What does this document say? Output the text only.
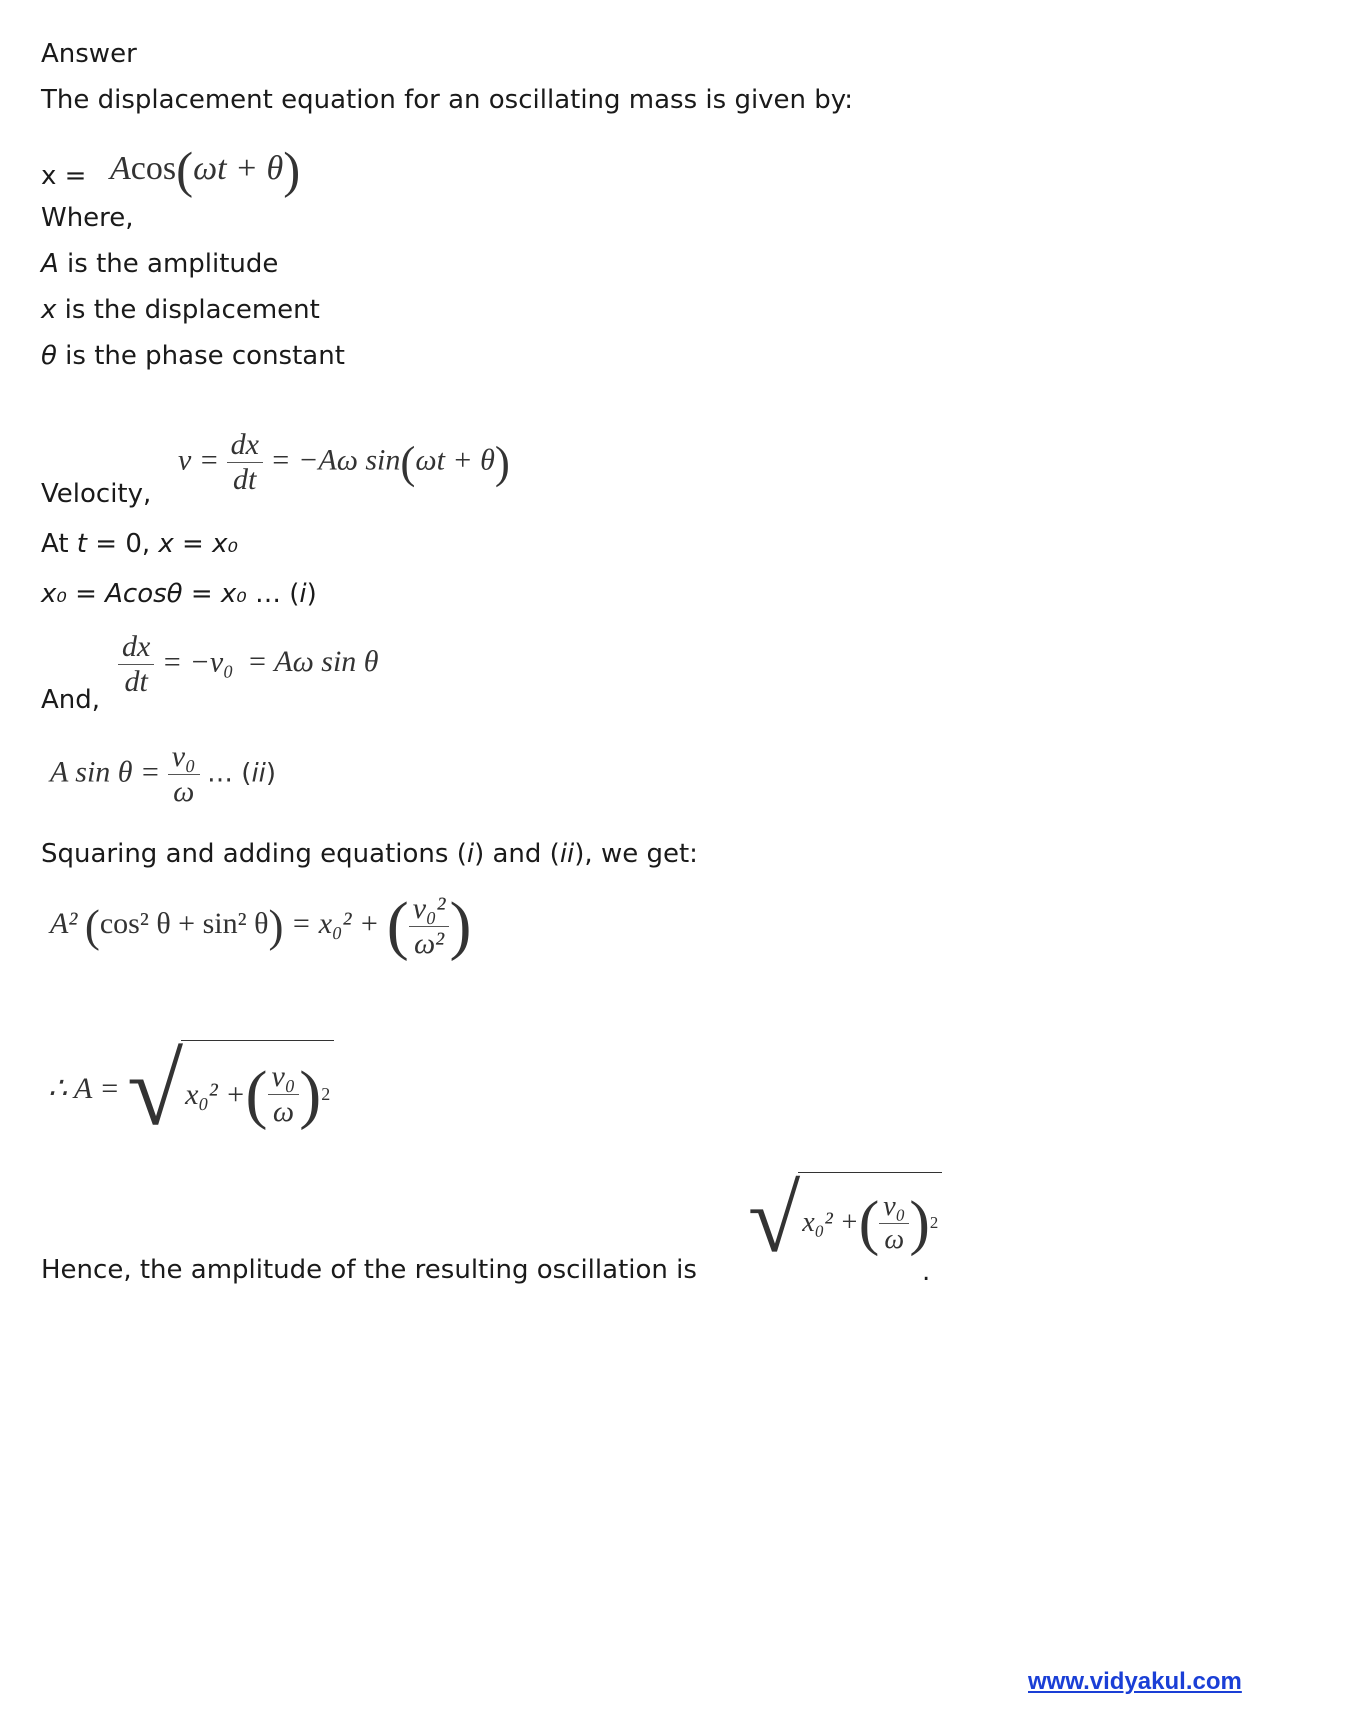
Answer
The displacement equation for an oscillating mass is given by:
x = Acos(ωt + θ)
Where,
A is the amplitude
x is the displacement
θ is the phase constant
Velocity,
$v = \frac{dx}{dt} = -A\omega$ sin(ωt + θ)
At t = 0, x = x₀
x₀ = Acosθ = x₀ … (i)
And,
$\frac{dx}{dt} = -v_0 = A\omega$ sin θ
A $\sin \theta = \frac{\text{v₀}}{\omega}$ … (ii)
Squaring and adding equations (i) and (ii), we get:
A² (cos² θ + sin² θ) = x₀² + ( $\frac{\text{v₀²}}{\text{ω²}}$ )
∴ A = √ x₀² + ( $\frac{\text{v₀}}{\omega}$ ) 2
Hence, the amplitude of the resulting oscillation is √ x₀² + ( $\frac{\text{v₀}}{\omega}$ ) 2
.
www.vidyakul.com
